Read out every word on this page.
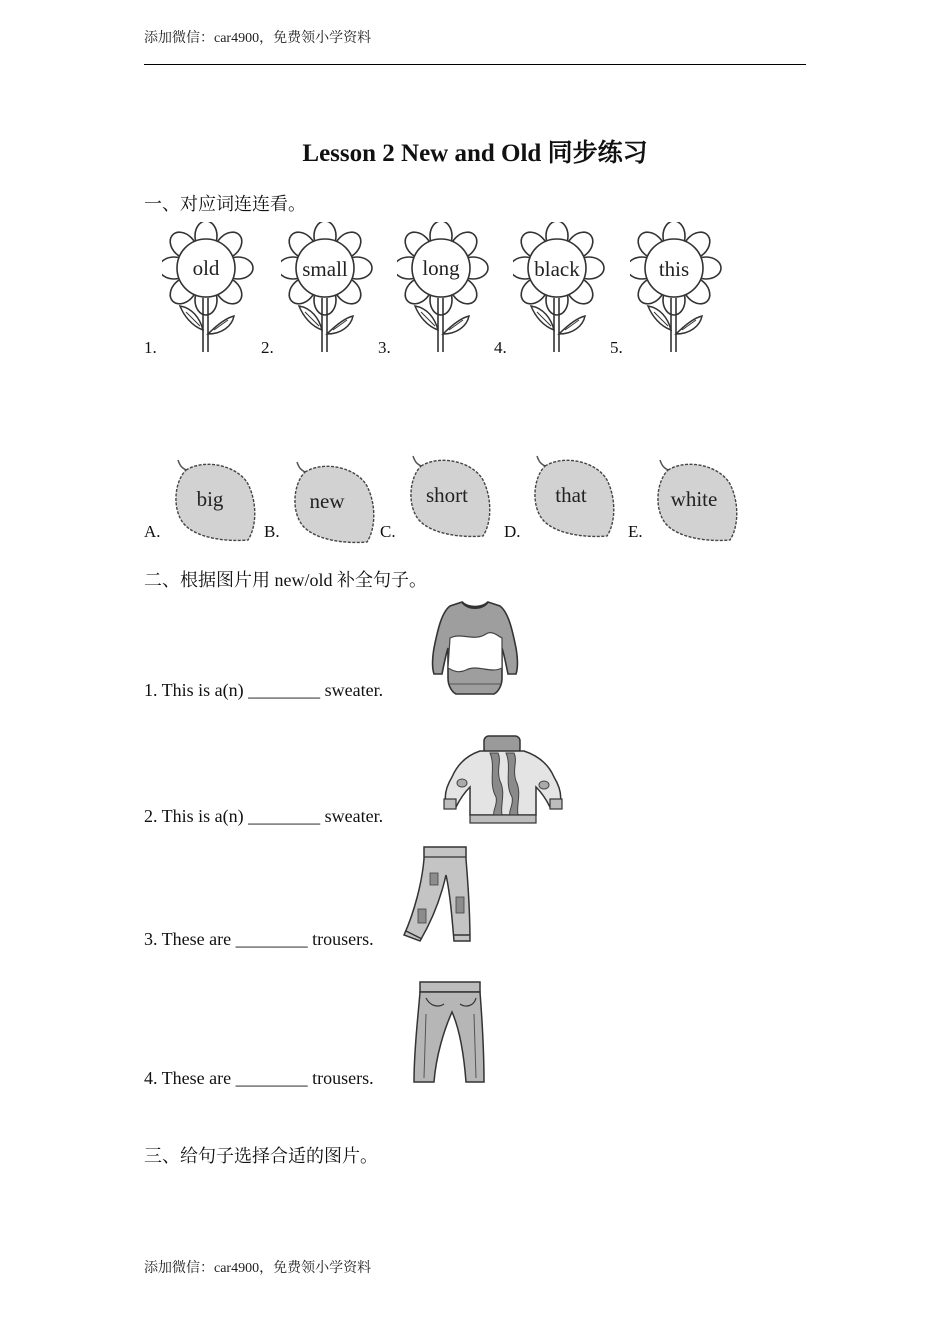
添加微信：car4900，免费领小学资料
Lesson 2 New and Old 同步练习
一、对应词连连看。
1.
old
2.
small
3.
long
4.
black
5.
this
A.
big
B.
new
C.
short
D.
that
E.
white
二、根据图片用 new/old 补全句子。
1. This is a(n) ________ sweater.
2. This is a(n) ________ sweater.
3. These are ________ trousers.
4. These are ________ trousers.
三、给句子选择合适的图片。
添加微信：car4900，免费领小学资料
